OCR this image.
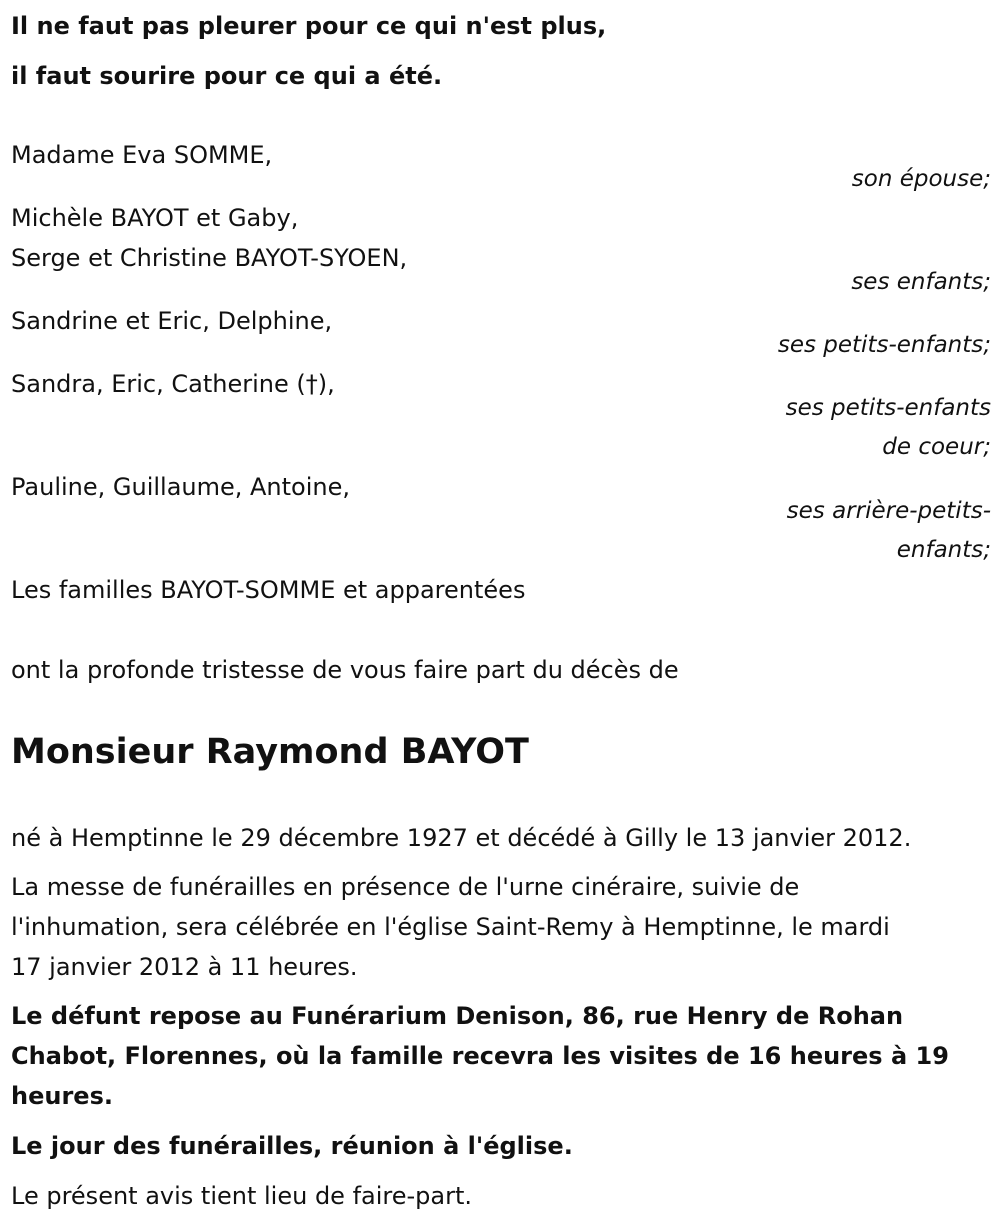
Il ne faut pas pleurer pour ce qui n'est plus,
il faut sourire pour ce qui a été.
Madame Eva SOMME,
son épouse;
Michèle BAYOT et Gaby,
Serge et Christine BAYOT-SYOEN,
ses enfants;
Sandrine et Eric, Delphine,
ses petits-enfants;
Sandra, Eric, Catherine (†),
ses petits-enfants
de coeur;
Pauline, Guillaume, Antoine,
ses arrière-petits-
enfants;
Les familles BAYOT-SOMME et apparentées
ont la profonde tristesse de vous faire part du décès de
Monsieur Raymond BAYOT
né à Hemptinne le 29 décembre 1927 et décédé à Gilly le 13 janvier 2012.
La messe de funérailles en présence de l'urne cinéraire, suivie de
l'inhumation, sera célébrée en l'église Saint-Remy à Hemptinne, le mardi
17 janvier 2012 à 11 heures.
Le défunt repose au Funérarium Denison, 86, rue Henry de Rohan
Chabot, Florennes, où la famille recevra les visites de 16 heures à 19
heures.
Le jour des funérailles, réunion à l'église.
Le présent avis tient lieu de faire-part.
